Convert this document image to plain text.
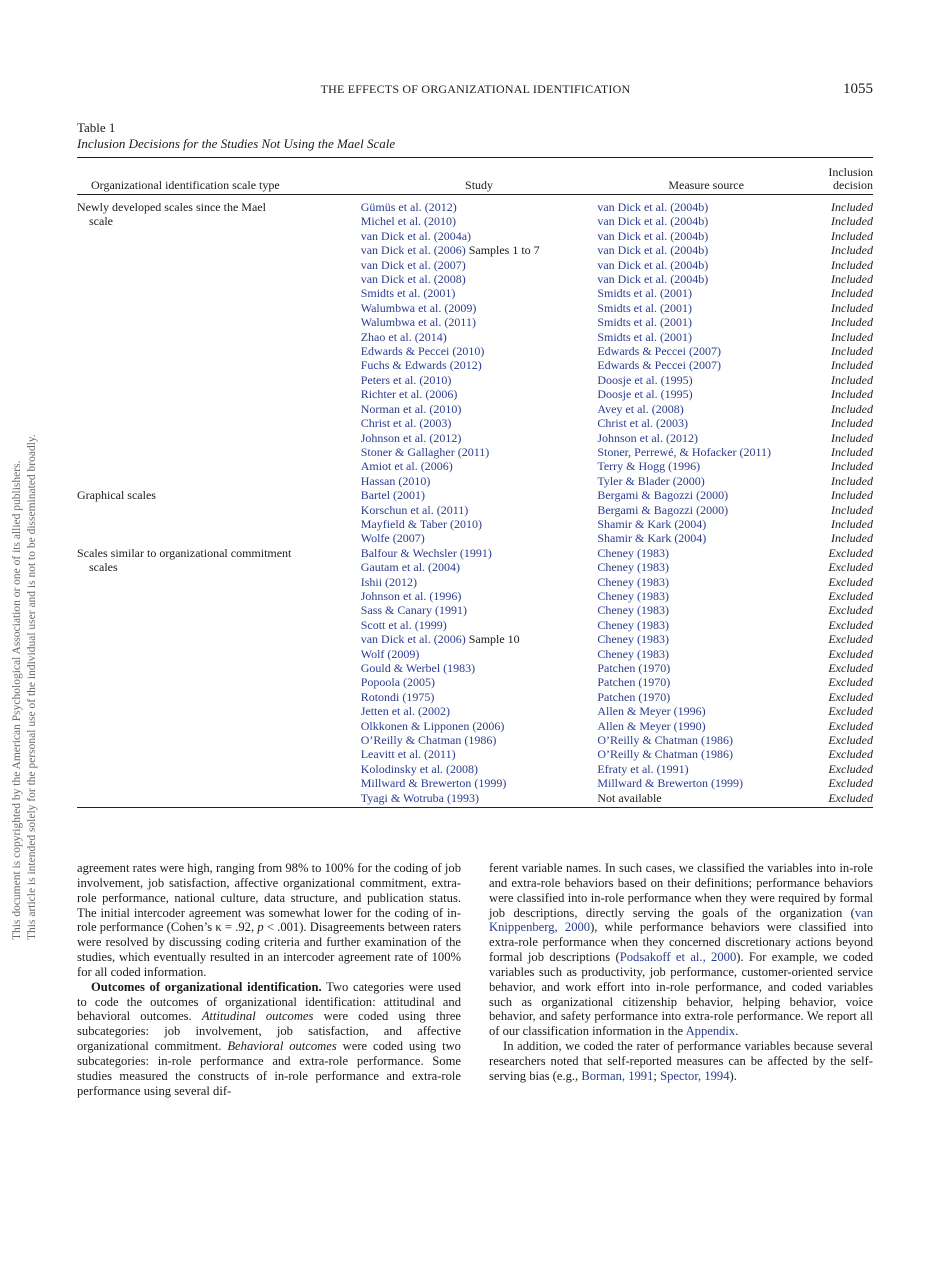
This document is copyrighted by the American Psychological Association or one of its allied publishers. This article is intended solely for the personal use of the individual user and is not to be disseminated broadly.
THE EFFECTS OF ORGANIZATIONAL IDENTIFICATION	1055
Table 1
Inclusion Decisions for the Studies Not Using the Mael Scale
Organizational identification scale type	Study	Measure source	Inclusion
decision

Newly developed scales since the Mael	Gümüs et al. (2012)	van Dick et al. (2004b)	Included
scale	Michel et al. (2010)	van Dick et al. (2004b)	Included
	van Dick et al. (2004a)	van Dick et al. (2004b)	Included
	van Dick et al. (2006) Samples 1 to 7	van Dick et al. (2004b)	Included
	van Dick et al. (2007)	van Dick et al. (2004b)	Included
	van Dick et al. (2008)	van Dick et al. (2004b)	Included
	Smidts et al. (2001)	Smidts et al. (2001)	Included
	Walumbwa et al. (2009)	Smidts et al. (2001)	Included
	Walumbwa et al. (2011)	Smidts et al. (2001)	Included
	Zhao et al. (2014)	Smidts et al. (2001)	Included
	Edwards & Peccei (2010)	Edwards & Peccei (2007)	Included
	Fuchs & Edwards (2012)	Edwards & Peccei (2007)	Included
	Peters et al. (2010)	Doosje et al. (1995)	Included
	Richter et al. (2006)	Doosje et al. (1995)	Included
	Norman et al. (2010)	Avey et al. (2008)	Included
	Christ et al. (2003)	Christ et al. (2003)	Included
	Johnson et al. (2012)	Johnson et al. (2012)	Included
	Stoner & Gallagher (2011)	Stoner, Perrewé, & Hofacker (2011)	Included
	Amiot et al. (2006)	Terry & Hogg (1996)	Included
	Hassan (2010)	Tyler & Blader (2000)	Included
Graphical scales	Bartel (2001)	Bergami & Bagozzi (2000)	Included
	Korschun et al. (2011)	Bergami & Bagozzi (2000)	Included
	Mayfield & Taber (2010)	Shamir & Kark (2004)	Included
	Wolfe (2007)	Shamir & Kark (2004)	Included
Scales similar to organizational commitment	Balfour & Wechsler (1991)	Cheney (1983)	Excluded
scales	Gautam et al. (2004)	Cheney (1983)	Excluded
	Ishii (2012)	Cheney (1983)	Excluded
	Johnson et al. (1996)	Cheney (1983)	Excluded
	Sass & Canary (1991)	Cheney (1983)	Excluded
	Scott et al. (1999)	Cheney (1983)	Excluded
	van Dick et al. (2006) Sample 10	Cheney (1983)	Excluded
	Wolf (2009)	Cheney (1983)	Excluded
	Gould & Werbel (1983)	Patchen (1970)	Excluded
	Popoola (2005)	Patchen (1970)	Excluded
	Rotondi (1975)	Patchen (1970)	Excluded
	Jetten et al. (2002)	Allen & Meyer (1996)	Excluded
	Olkkonen & Lipponen (2006)	Allen & Meyer (1990)	Excluded
	O’Reilly & Chatman (1986)	O’Reilly & Chatman (1986)	Excluded
	Leavitt et al. (2011)	O’Reilly & Chatman (1986)	Excluded
	Kolodinsky et al. (2008)	Efraty et al. (1991)	Excluded
	Millward & Brewerton (1999)	Millward & Brewerton (1999)	Excluded
	Tyagi & Wotruba (1993)	Not available	Excluded

agreement rates were high, ranging from 98% to 100% for the coding of job involvement, job satisfaction, affective organizational commitment, extra-role performance, national culture, data structure, and publication status. The initial intercoder agreement was somewhat lower for the coding of in-role performance (Cohen’s κ = .92, p < .001). Disagreements between raters were resolved by discussing coding criteria and further examination of the studies, which eventually resulted in an intercoder agreement rate of 100% for all coded information.

Outcomes of organizational identification. Two categories were used to code the outcomes of organizational identification: attitudinal and behavioral outcomes. Attitudinal outcomes were coded using three subcategories: job involvement, job satisfaction, and affective organizational commitment. Behavioral outcomes were coded using two subcategories: in-role performance and extra-role performance. Some studies measured the constructs of in-role performance and extra-role performance using several dif-

ferent variable names. In such cases, we classified the variables into in-role and extra-role behaviors based on their definitions; performance behaviors were classified into in-role performance when they were required by formal job descriptions, directly serving the goals of the organization (van Knippenberg, 2000), while performance behaviors were classified into extra-role performance when they concerned discretionary actions beyond formal job descriptions (Podsakoff et al., 2000). For example, we coded variables such as productivity, job performance, customer-oriented service behavior, and work effort into in-role performance, and coded variables such as organizational citizenship behavior, helping behavior, voice behavior, and safety performance into extra-role performance. We report all of our classification information in the Appendix.

In addition, we coded the rater of performance variables because several researchers noted that self-reported measures can be affected by the self-serving bias (e.g., Borman, 1991; Spector, 1994).
